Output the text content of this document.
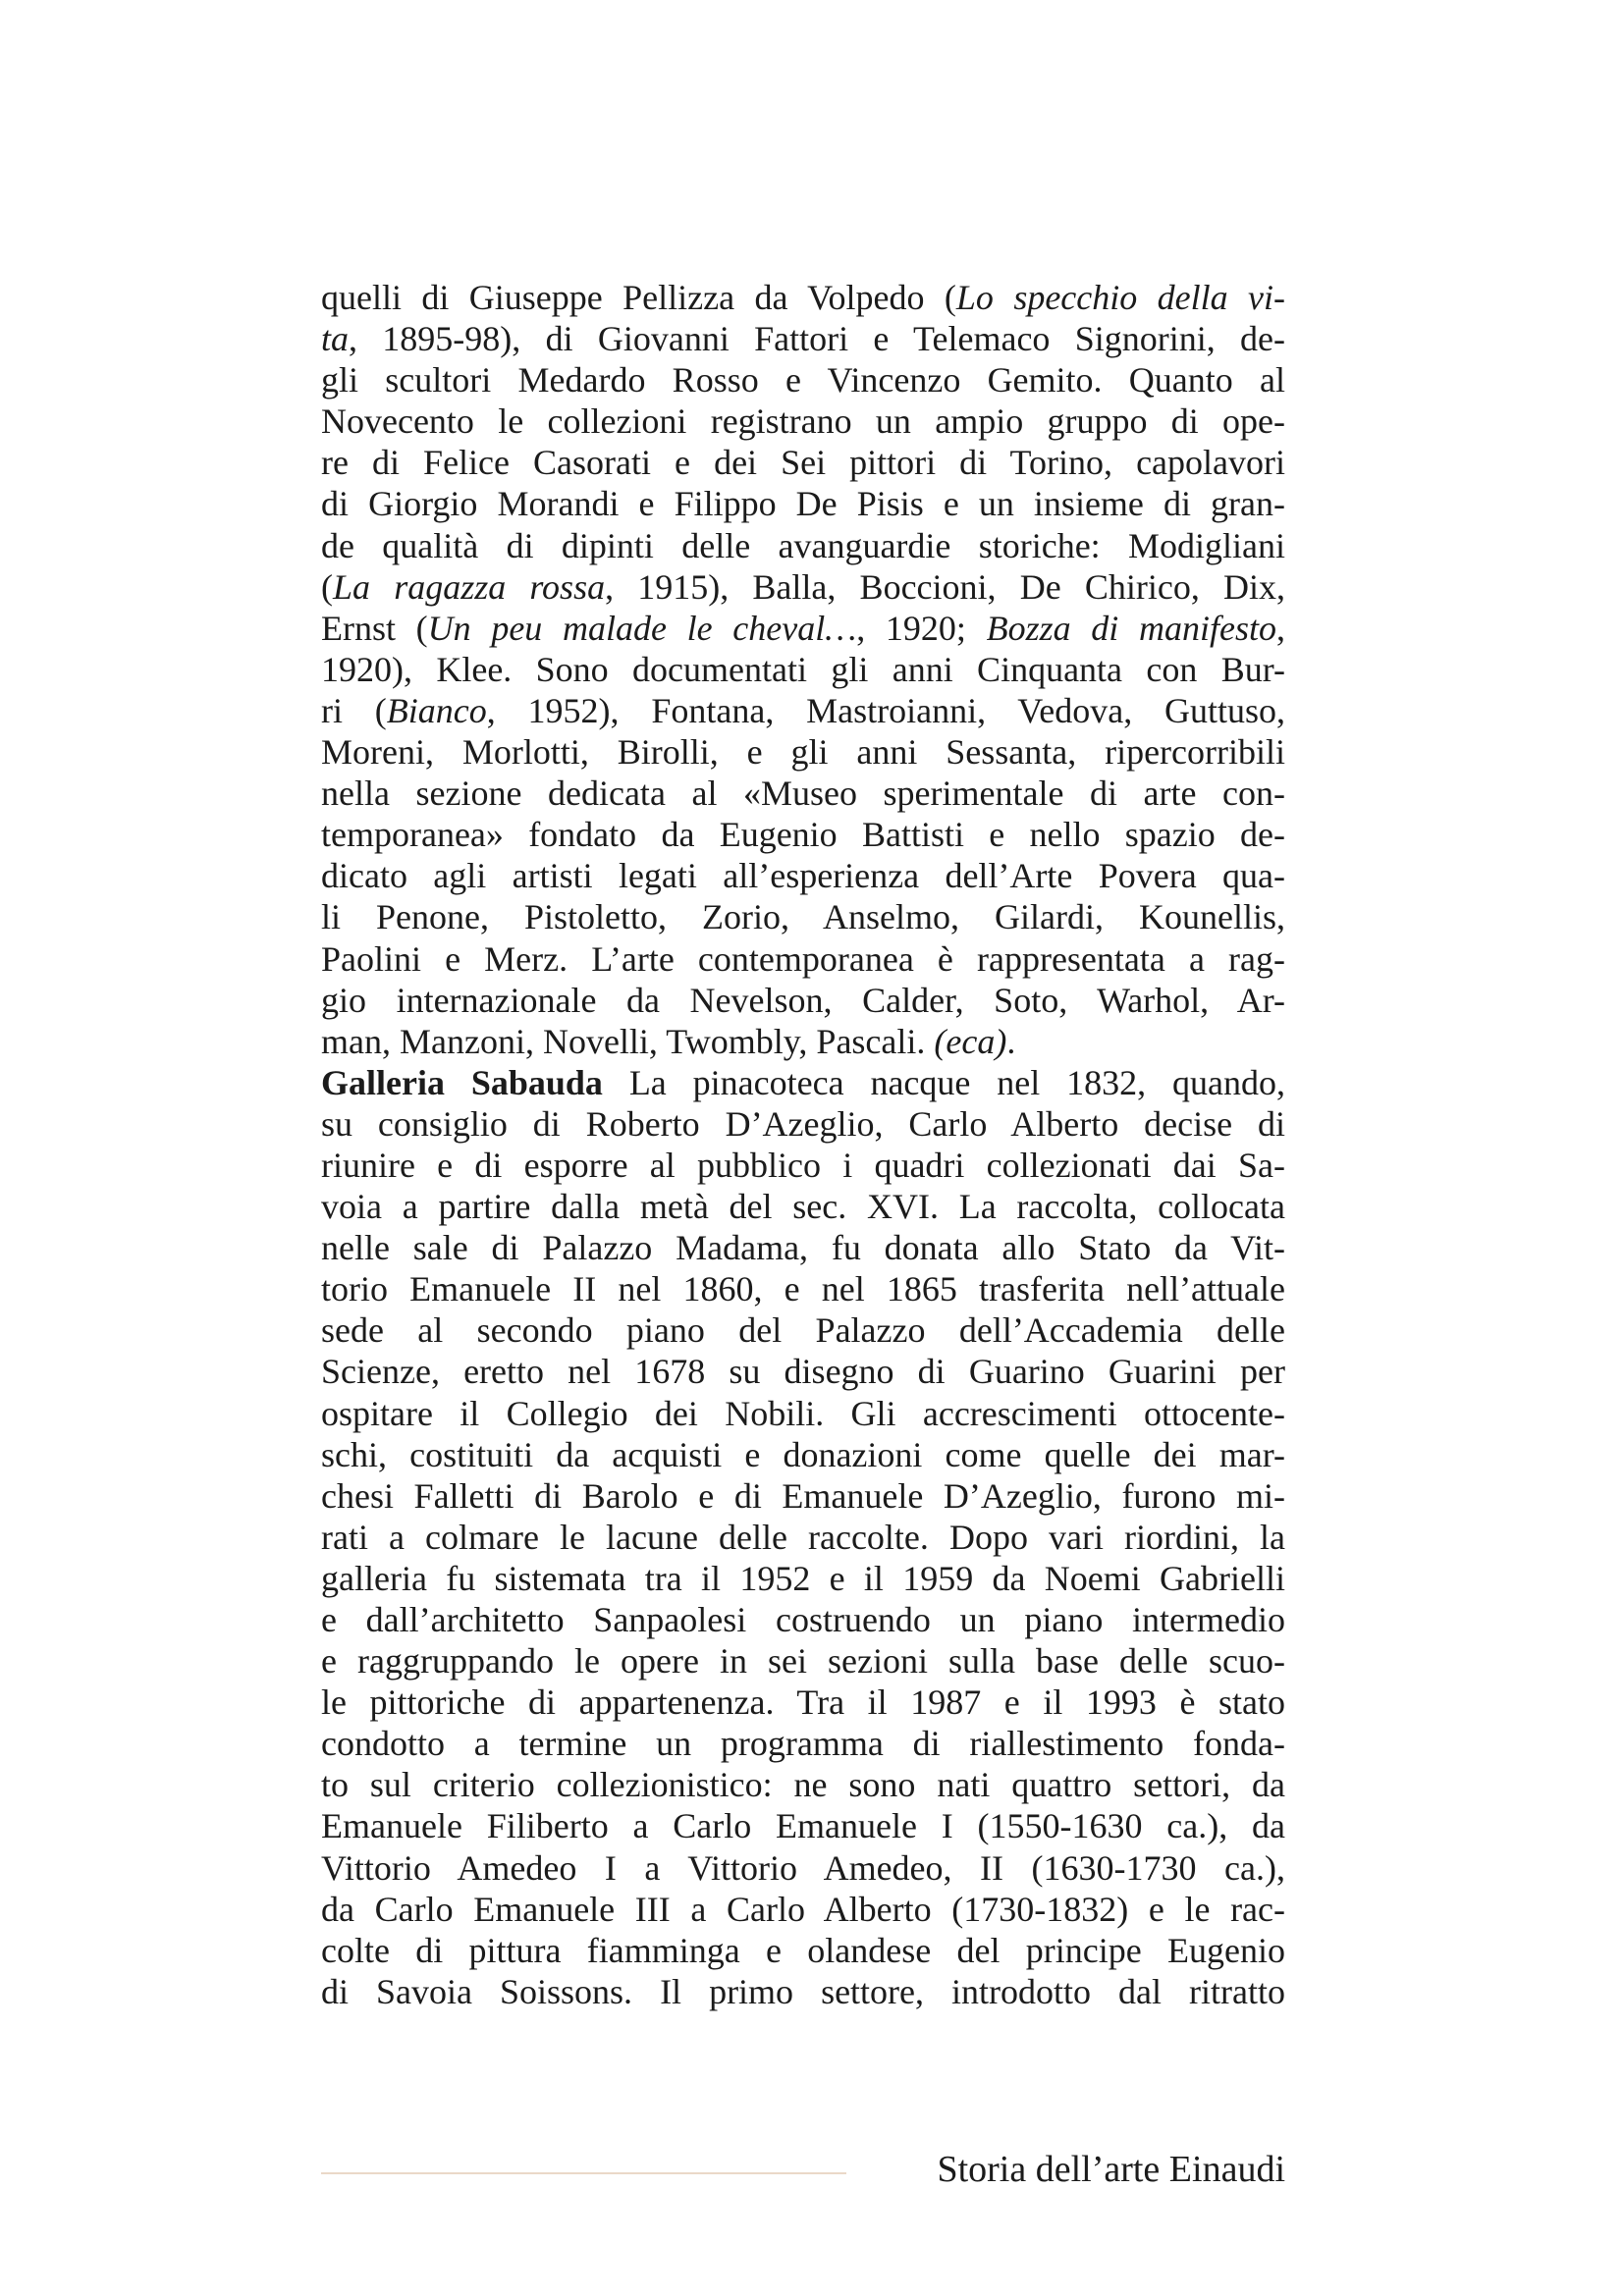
quelli di Giuseppe Pellizza da Volpedo (Lo specchio della vi-
ta, 1895-98), di Giovanni Fattori e Telemaco Signorini, de-
gli scultori Medardo Rosso e Vincenzo Gemito. Quanto al
Novecento le collezioni registrano un ampio gruppo di ope-
re di Felice Casorati e dei Sei pittori di Torino, capolavori
di Giorgio Morandi e Filippo De Pisis e un insieme di gran-
de qualità di dipinti delle avanguardie storiche: Modigliani
(La ragazza rossa, 1915), Balla, Boccioni, De Chirico, Dix,
Ernst (Un peu malade le cheval…, 1920; Bozza di manifesto,
1920), Klee. Sono documentati gli anni Cinquanta con Bur-
ri (Bianco, 1952), Fontana, Mastroianni, Vedova, Guttuso,
Moreni, Morlotti, Birolli, e gli anni Sessanta, ripercorribili
nella sezione dedicata al «Museo sperimentale di arte con-
temporanea» fondato da Eugenio Battisti e nello spazio de-
dicato agli artisti legati all’esperienza dell’Arte Povera qua-
li Penone, Pistoletto, Zorio, Anselmo, Gilardi, Kounellis,
Paolini e Merz. L’arte contemporanea è rappresentata a rag-
gio internazionale da Nevelson, Calder, Soto, Warhol, Ar-
man, Manzoni, Novelli, Twombly, Pascali. (eca).
Galleria Sabauda La pinacoteca nacque nel 1832, quando,
su consiglio di Roberto D’Azeglio, Carlo Alberto decise di
riunire e di esporre al pubblico i quadri collezionati dai Sa-
voia a partire dalla metà del sec. XVI. La raccolta, collocata
nelle sale di Palazzo Madama, fu donata allo Stato da Vit-
torio Emanuele II nel 1860, e nel 1865 trasferita nell’attuale
sede al secondo piano del Palazzo dell’Accademia delle
Scienze, eretto nel 1678 su disegno di Guarino Guarini per
ospitare il Collegio dei Nobili. Gli accrescimenti ottocente-
schi, costituiti da acquisti e donazioni come quelle dei mar-
chesi Falletti di Barolo e di Emanuele D’Azeglio, furono mi-
rati a colmare le lacune delle raccolte. Dopo vari riordini, la
galleria fu sistemata tra il 1952 e il 1959 da Noemi Gabrielli
e dall’architetto Sanpaolesi costruendo un piano intermedio
e raggruppando le opere in sei sezioni sulla base delle scuo-
le pittoriche di appartenenza. Tra il 1987 e il 1993 è stato
condotto a termine un programma di riallestimento fonda-
to sul criterio collezionistico: ne sono nati quattro settori, da
Emanuele Filiberto a Carlo Emanuele I (1550-1630 ca.), da
Vittorio Amedeo I a Vittorio Amedeo, II (1630-1730 ca.),
da Carlo Emanuele III a Carlo Alberto (1730-1832) e le rac-
colte di pittura fiamminga e olandese del principe Eugenio
di Savoia Soissons. Il primo settore, introdotto dal ritratto
Storia dell’arte Einaudi
